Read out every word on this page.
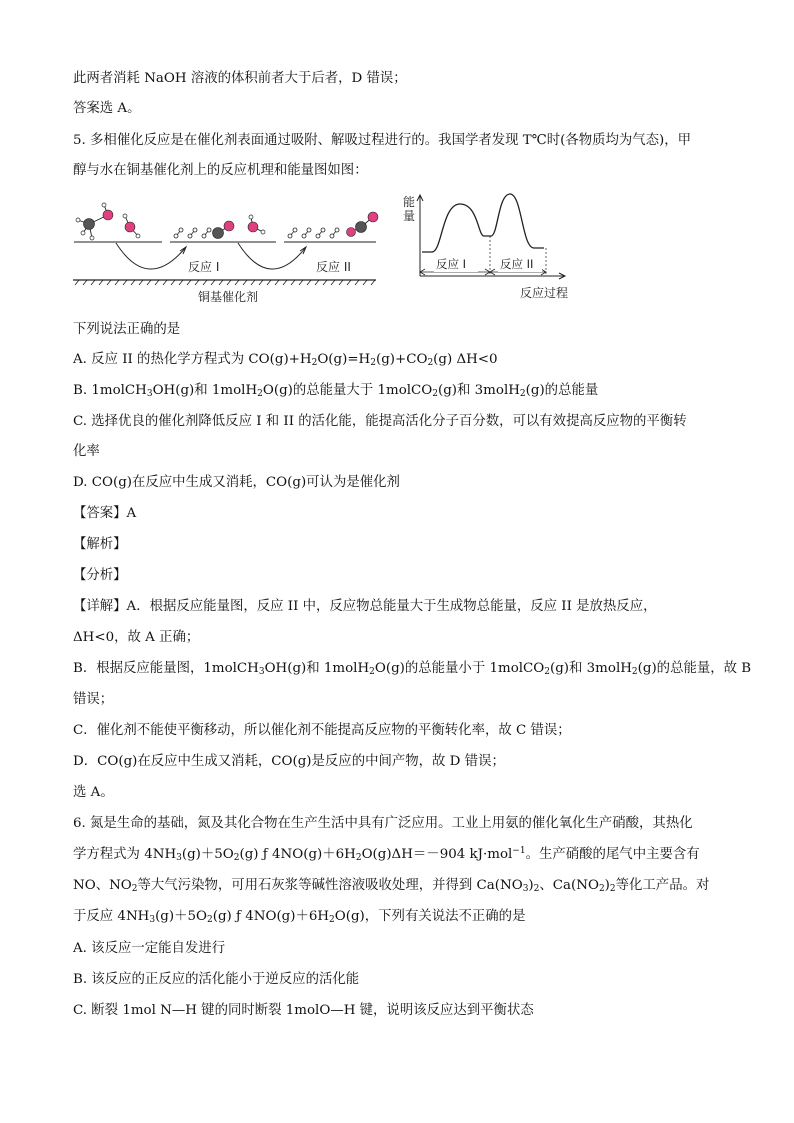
此两者消耗 NaOH 溶液的体积前者大于后者，D 错误；
答案选 A。
5. 多相催化反应是在催化剂表面通过吸附、解吸过程进行的。我国学者发现 T℃时(各物质均为气态)，甲
醇与水在铜基催化剂上的反应机理和能量图如图：
反应 I	反应 II
铜基催化剂
能
量
反应 I	反应 II
反应过程
下列说法正确的是
A. 反应 II 的热化学方程式为 $CO(g)+H_2O(g)=H_2(g)+CO_2(g)$ ΔH<0
B. 1molCH$_3$OH(g)和 1molH$_2$O(g)的总能量大于 1molCO$_2$(g)和 3molH$_2$(g)的总能量
C. 选择优良的催化剂降低反应 I 和 II 的活化能，能提高活化分子百分数，可以有效提高反应物的平衡转
化率
D. CO(g)在反应中生成又消耗，CO(g)可认为是催化剂
【答案】A
【解析】
【分析】
【详解】A．根据反应能量图，反应 II 中，反应物总能量大于生成物总能量，反应 II 是放热反应，
ΔH<0，故 A 正确；
B．根据反应能量图，1molCH$_3$OH(g)和 1molH$_2$O(g)的总能量小于 1molCO$_2$(g)和 3molH$_2$(g)的总能量，故 B
错误；
C．催化剂不能使平衡移动，所以催化剂不能提高反应物的平衡转化率，故 C 错误；
D．CO(g)在反应中生成又消耗，CO(g)是反应的中间产物，故 D 错误；
选 A。
6. 氮是生命的基础，氮及其化合物在生产生活中具有广泛应用。工业上用氨的催化氧化生产硝酸，其热化
学方程式为 $4NH_3(g)+5O_2(g)$ ƒ $4NO(g)+6H_2O(g)\Delta H=-904$ kJ·mol$^{-1}$。生产硝酸的尾气中主要含有
NO、$NO_2$等大气污染物，可用石灰浆等碱性溶液吸收处理，并得到 $Ca(NO_3)_2$、$Ca(NO_2)_2$等化工产品。对
于反应 $4NH_3(g)+5O_2(g)$ ƒ $4NO(g)+6H_2O(g)$，下列有关说法不正确的是
A. 该反应一定能自发进行
B. 该反应的正反应的活化能小于逆反应的活化能
C. 断裂 1mol N—H 键的同时断裂 1molO—H 键，说明该反应达到平衡状态
